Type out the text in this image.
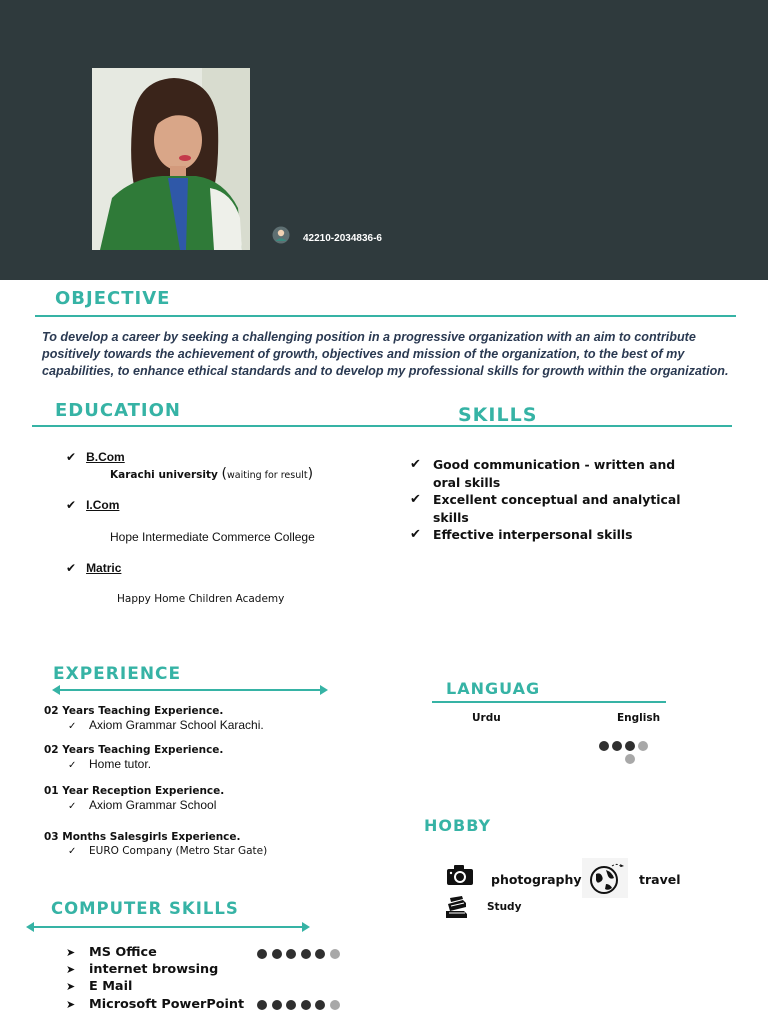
42210-2034836-6
OBJECTIVE
To develop a career by seeking a challenging position in a progressive organization with an aim to contribute positively towards the achievement of growth, objectives and mission of the organization, to the best of my capabilities, to enhance ethical standards and to develop my professional skills for growth within the organization.
EDUCATION
✔ B.Com
Karachi university (waiting for result)
✔ I.Com
Hope Intermediate Commerce College
✔ Matric
Happy Home Children Academy
SKILLS
✔ Good communication - written and oral skills
✔ Excellent conceptual and analytical skills
✔ Effective interpersonal skills
EXPERIENCE
02 Years Teaching Experience.
✓ Axiom Grammar School Karachi.
02 Years Teaching Experience.
✓ Home tutor.
01 Year Reception Experience.
✓ Axiom Grammar School
03 Months Salesgirls Experience.
✓ EURO Company (Metro Star Gate)
LANGUAG
Urdu	English
HOBBY
photography	travel
Study
COMPUTER SKILLS
➤	MS Office
➤	internet browsing
➤	E Mail
➤	Microsoft PowerPoint
